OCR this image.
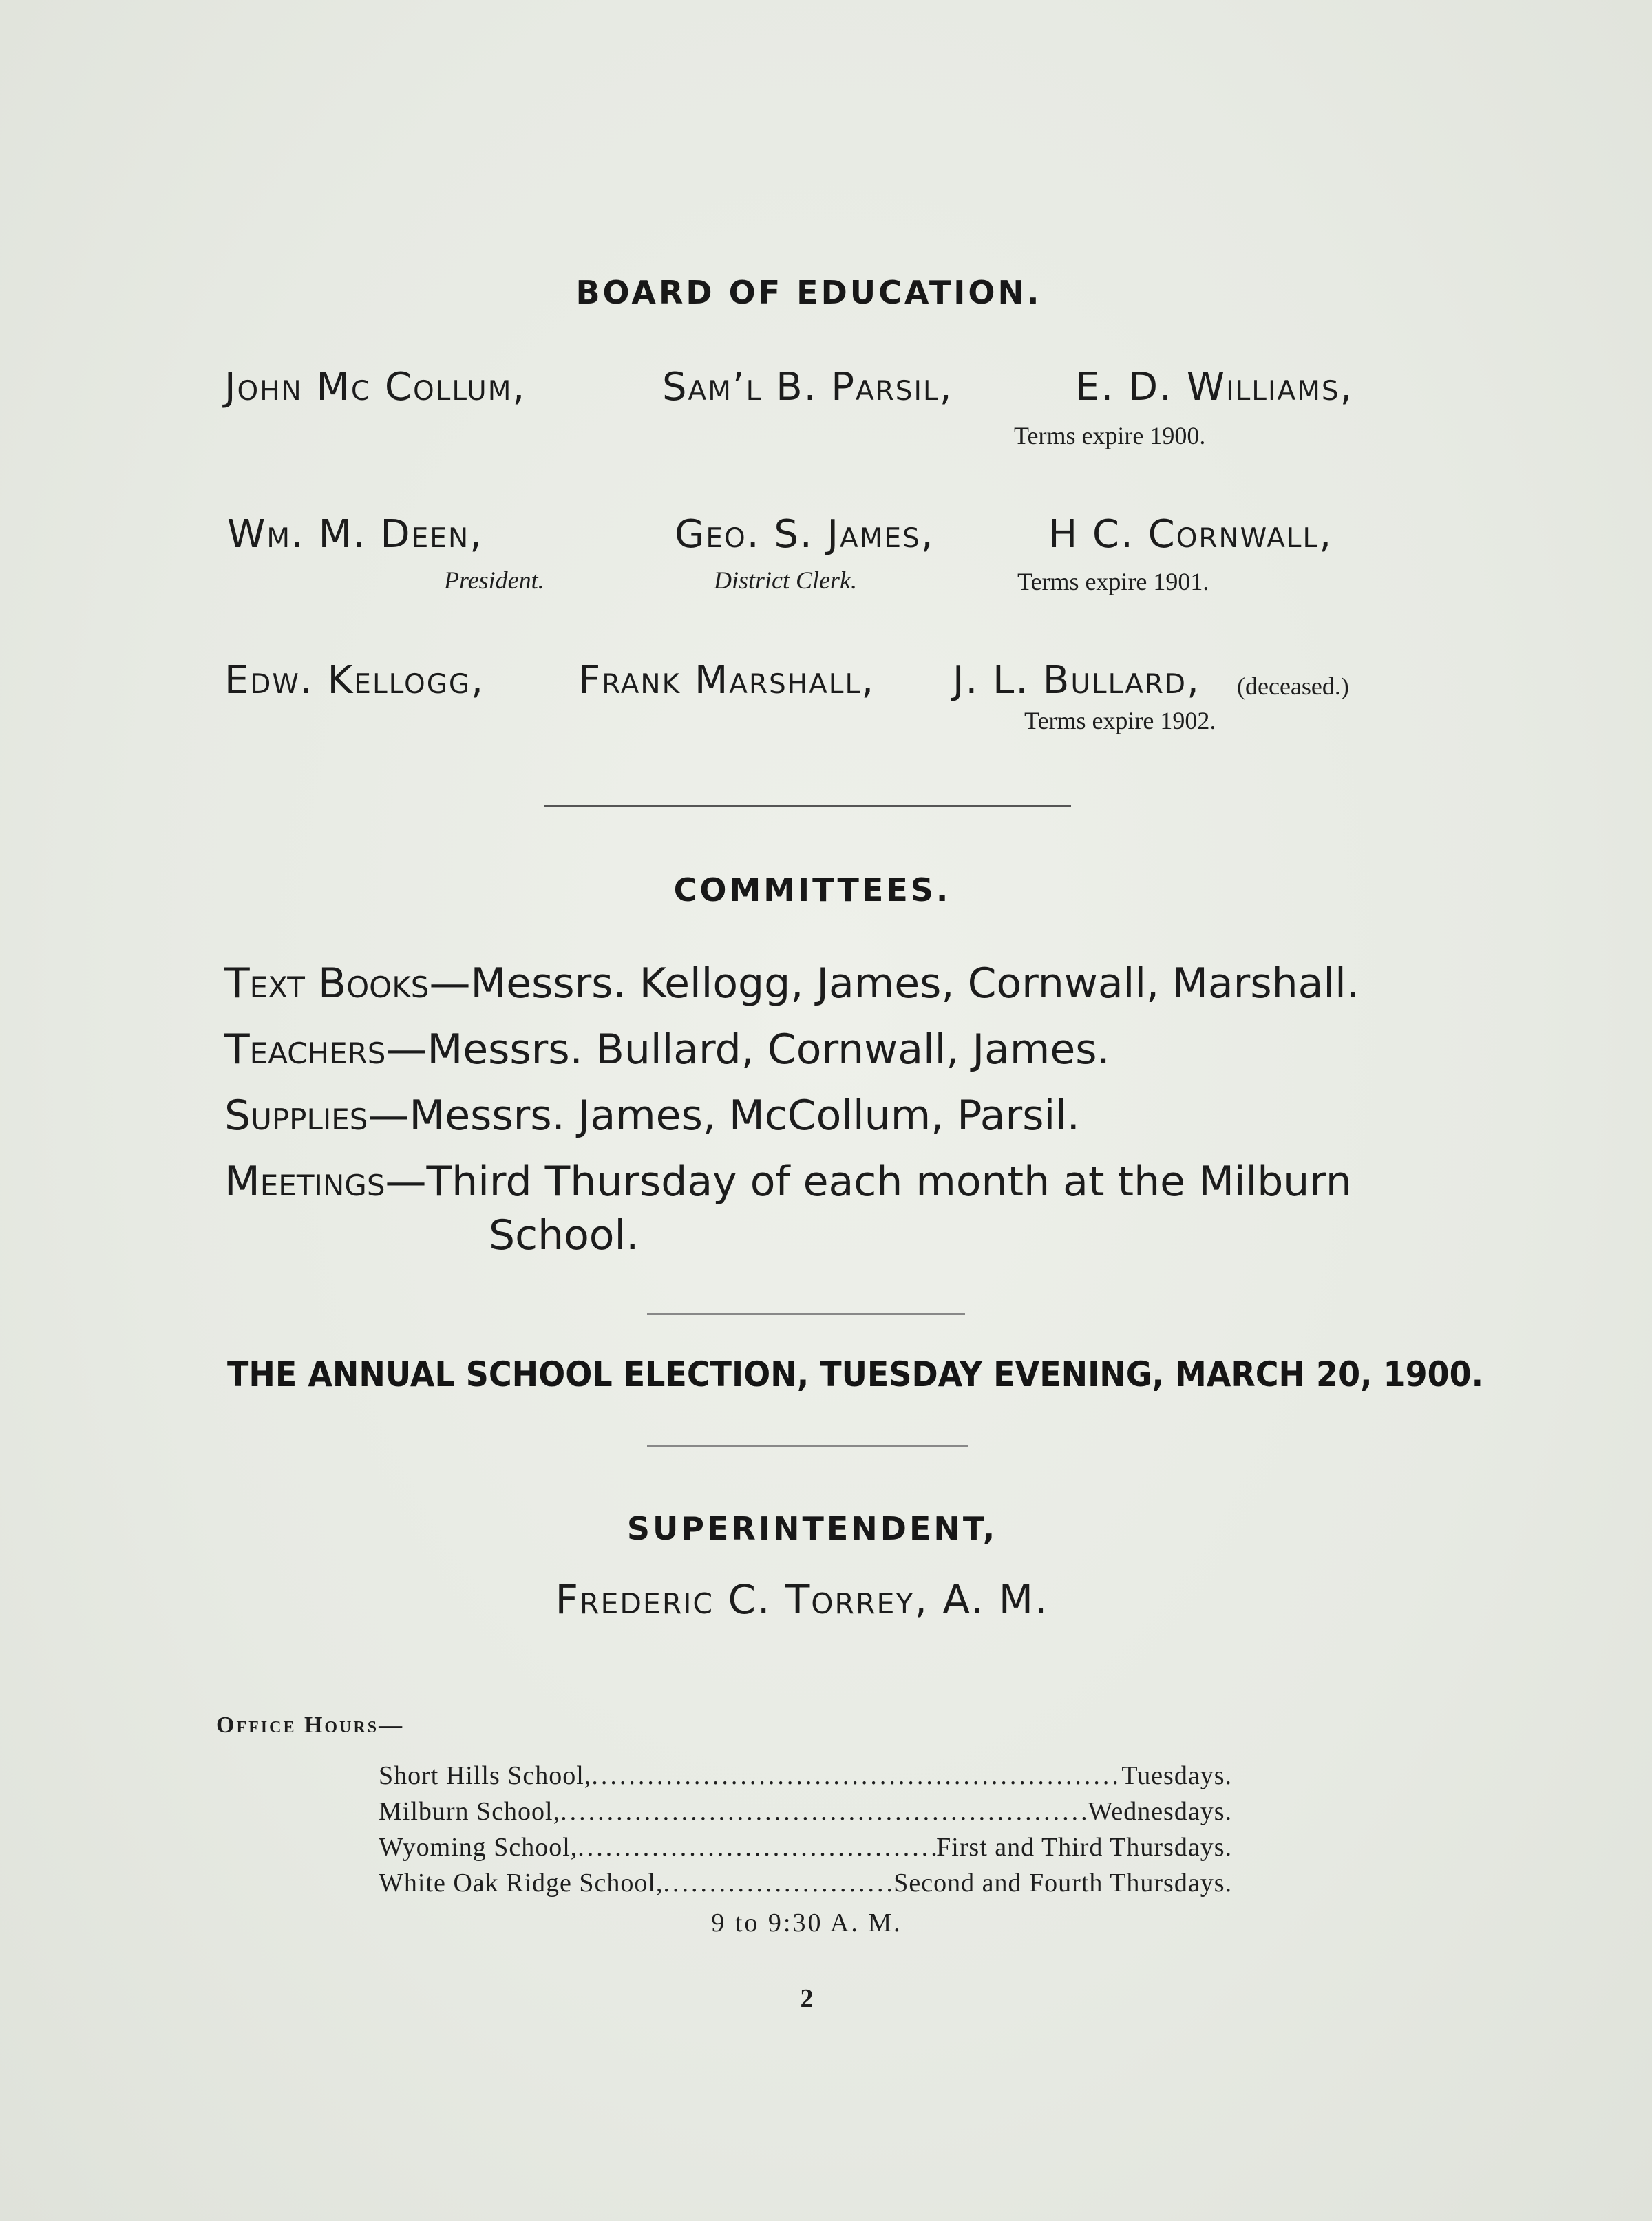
BOARD OF EDUCATION.
John Mc Collum,	Sam’l B. Parsil,	E. D. Williams,
Terms expire 1900.
Wm. M. Deen,	Geo. S. James,	H C. Cornwall,
President.	District Clerk.	Terms expire 1901.
Edw. Kellogg, Frank Marshall, J. L. Bullard, (deceased.)
Terms expire 1902.
COMMITTEES.
Text Books—Messrs. Kellogg, James, Cornwall, Marshall.
Teachers—Messrs. Bullard, Cornwall, James.
Supplies—Messrs. James, McCollum, Parsil.
Meetings—Third Thursday of each month at the Milburn
School.
THE ANNUAL SCHOOL ELECTION, TUESDAY EVENING, MARCH 20, 1900.
SUPERINTENDENT,
Frederic C. Torrey, A. M.
Office Hours—
Short Hills School, .....	Tuesdays.
Milburn School, .....	Wednesdays.
Wyoming School, .....	First and Third Thursdays.
White Oak Ridge School, .....	Second and Fourth Thursdays.
9 to 9:30 A. M.
2
